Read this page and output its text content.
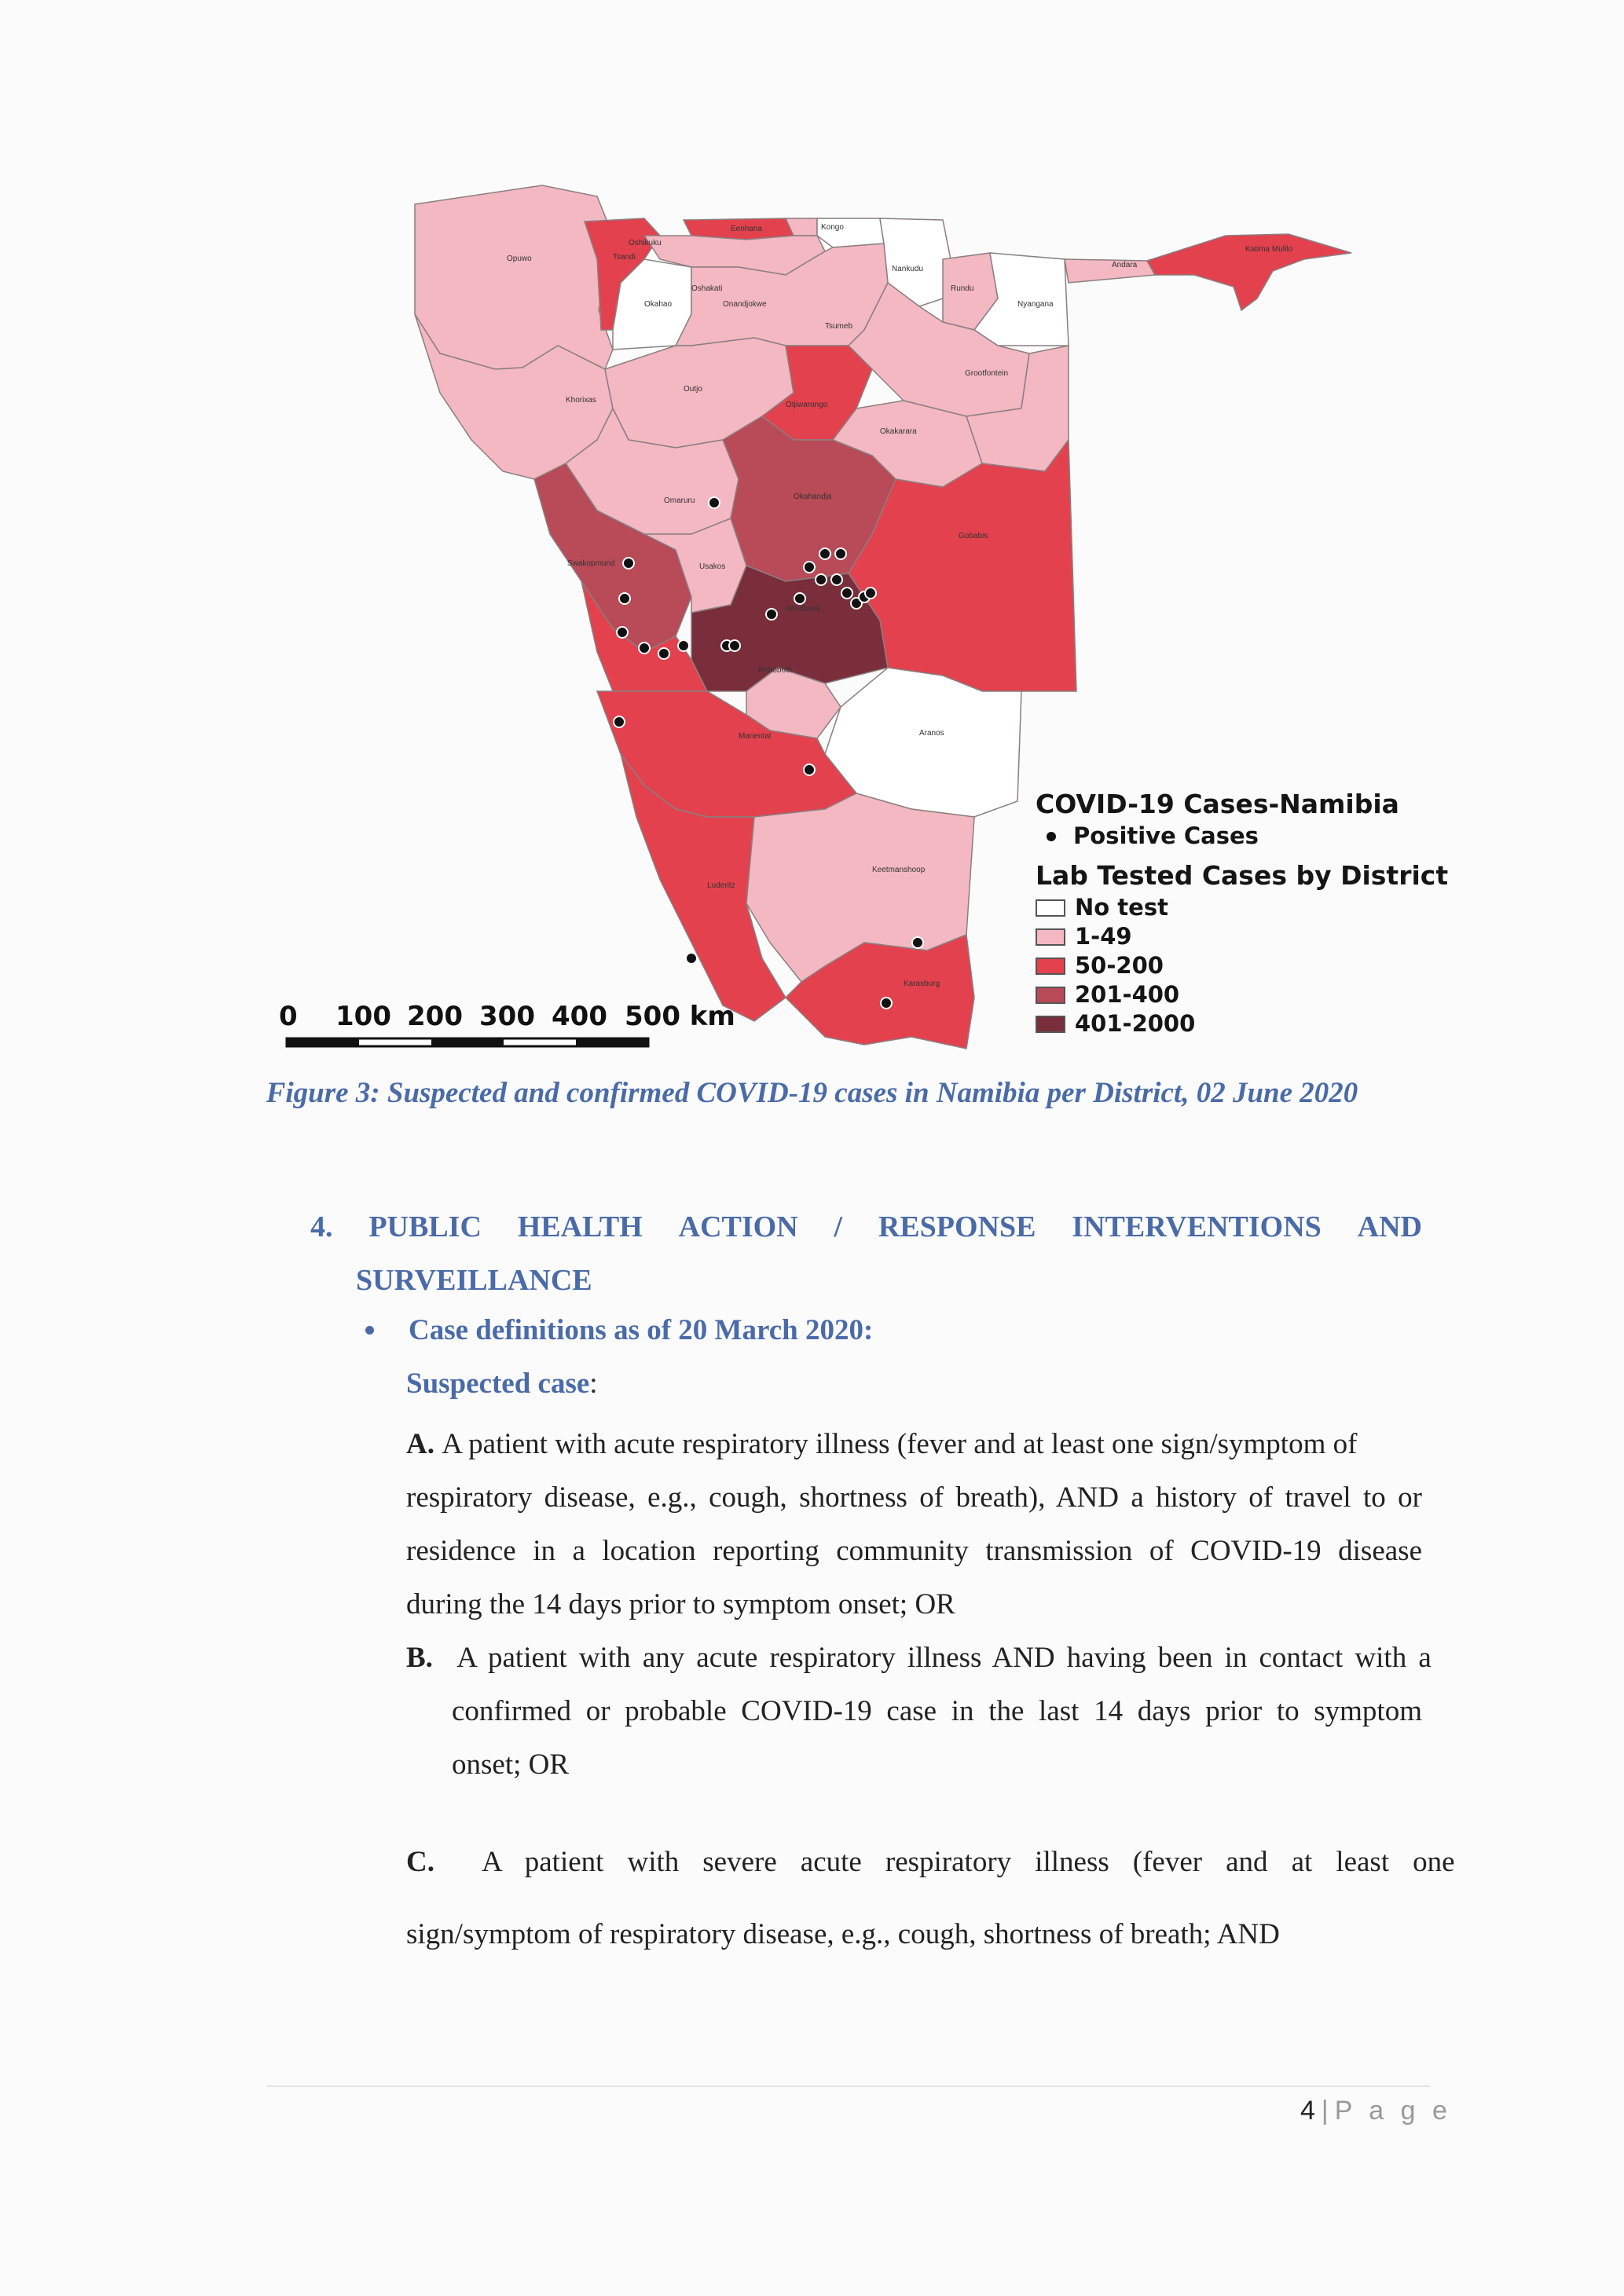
Opuwo	Tsandi
Oshikuku
Eenhana	Kongo
Okahao
Oshakati
Onandjokwe
Nankudu
Rundu
Nyangana
Andara
Katima Mulilo
Tsumeb
Grootfontein
Outjo
Khorixas
Otjiwarongo
Okakarara
Omaruru	Okahandja
Gobabis
Swakopmund	Usakos
Windhoek
Rehoboth
Aranos
Mariental
Keetmanshoop
Luderitz
Karasburg
0 100 200 300 400 500 km
COVID-19 Cases-Namibia
Positive Cases
Lab Tested Cases by District
No test
1-49
50-200
201-400
401-2000
Figure 3: Suspected and confirmed COVID-19 cases in Namibia per District, 02 June 2020
4. PUBLIC HEALTH ACTION / RESPONSE INTERVENTIONS AND
SURVEILLANCE
Case definitions as of 20 March 2020:
Suspected case:
A. A patient with acute respiratory illness (fever and at least one sign/symptom of
respiratory disease, e.g., cough, shortness of breath), AND a history of travel to or
residence in a location reporting community transmission of COVID-19 disease
during the 14 days prior to symptom onset; OR
B. A patient with any acute respiratory illness AND having been in contact with a
confirmed or probable COVID-19 case in the last 14 days prior to symptom
onset; OR
C. A patient with severe acute respiratory illness (fever and at least one
sign/symptom of respiratory disease, e.g., cough, shortness of breath; AND
4 | P a g e
